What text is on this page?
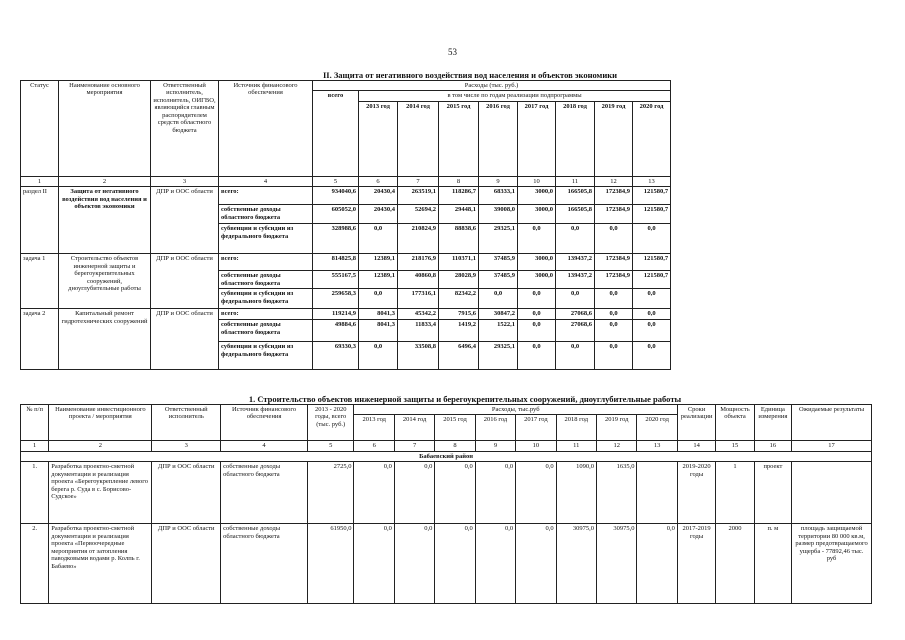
53
II. Защита от негативного воздействия вод населения и объектов экономики
Статус	Наименование основного мероприятия	Ответственный исполнитель, исполнитель, ОИГВО, являющийся главным распорядителем средств областного бюджета	Источник финансового обеспечения	Расходы (тыс. руб.)								
				всего	в том числе по годам реализации подпрограммы							
					2013 год	2014 год	2015 год	2016 год	2017 год	2018 год	2019 год	2020 год
1	2	3	4	5	6	7	8	9	10	11	12	13
раздел II	Защита от негативного воздействия вод населения и объектов экономики	ДПР и ООС области	всего:	934040,6	20430,4	263519,1	118286,7	68333,1	3000,0	166505,8	172384,9	121580,7
			собственные доходы областного бюджета	605052,0	20430,4	52694,2	29448,1	39008,0	3000,0	166505,8	172384,9	121580,7
			субвенции и субсидии из федерального бюджета	328988,6	0,0	210824,9	88838,6	29325,1	0,0	0,0	0,0	0,0
задача 1	Строительство объектов инженерной защиты и берегоукрепительных сооружений, дноуглубительные работы	ДПР и ООС области	всего:	814825,8	12389,1	218176,9	110371,1	37485,9	3000,0	139437,2	172384,9	121580,7
			собственные доходы областного бюджета	555167,5	12389,1	40860,8	28028,9	37485,9	3000,0	139437,2	172384,9	121580,7
			субвенции и субсидии из федерального бюджета	259658,3	0,0	177316,1	82342,2	0,0	0,0	0,0	0,0	0,0
задача 2	Капитальный ремонт гидротехнических сооружений	ДПР и ООС области	всего:	119214,9	8041,3	45342,2	7915,6	30847,2	0,0	27068,6	0,0	0,0
			собственные доходы областного бюджета	49884,6	8041,3	11833,4	1419,2	1522,1	0,0	27068,6	0,0	0,0
			субвенции и субсидии из федерального бюджета	69330,3	0,0	33508,8	6496,4	29325,1	0,0	0,0	0,0	0,0
1. Строительство объектов инженерной защиты и берегоукрепительных сооружений, дноуглубительные работы
№ п/п	Наименование инвестиционного проекта / мероприятия	Ответственный исполнитель	Источник финансового обеспечения	2013 - 2020 годы, всего (тыс. руб.)	Расходы, тыс.руб								Сроки реализации	Мощность объекта	Единица измерения	Ожидаемые результаты
					2013 год	2014 год	2015 год	2016 год	2017 год	2018 год	2019 год	2020 год				
1	2	3	4	5	6	7	8	9	10	11	12	13	14	15	16	17
Бабаевский район																
1.	Разработка проектно-сметной документации и реализация проекта «Берегоукрепление левого берега р. Суда в с. Борисово-Судское»	ДПР и ООС области	собственные доходы областного бюджета	2725,0	0,0	0,0	0,0	0,0	0,0	1090,0	1635,0		2019-2020 годы	1	проект	
2.	Разработка проектно-сметной документации и реализация проекта «Первоочередные мероприятия от затопления паводковыми водами р. Колпь г. Бабаево»	ДПР и ООС области	собственные доходы областного бюджета	61950,0	0,0	0,0	0,0	0,0	0,0	30975,0	30975,0	0,0	2017-2019 годы	2000	п. м	площадь защищаемой территории 80 000 кв.м, размер предотвращаемого ущерба - 77892,46 тыс. руб
